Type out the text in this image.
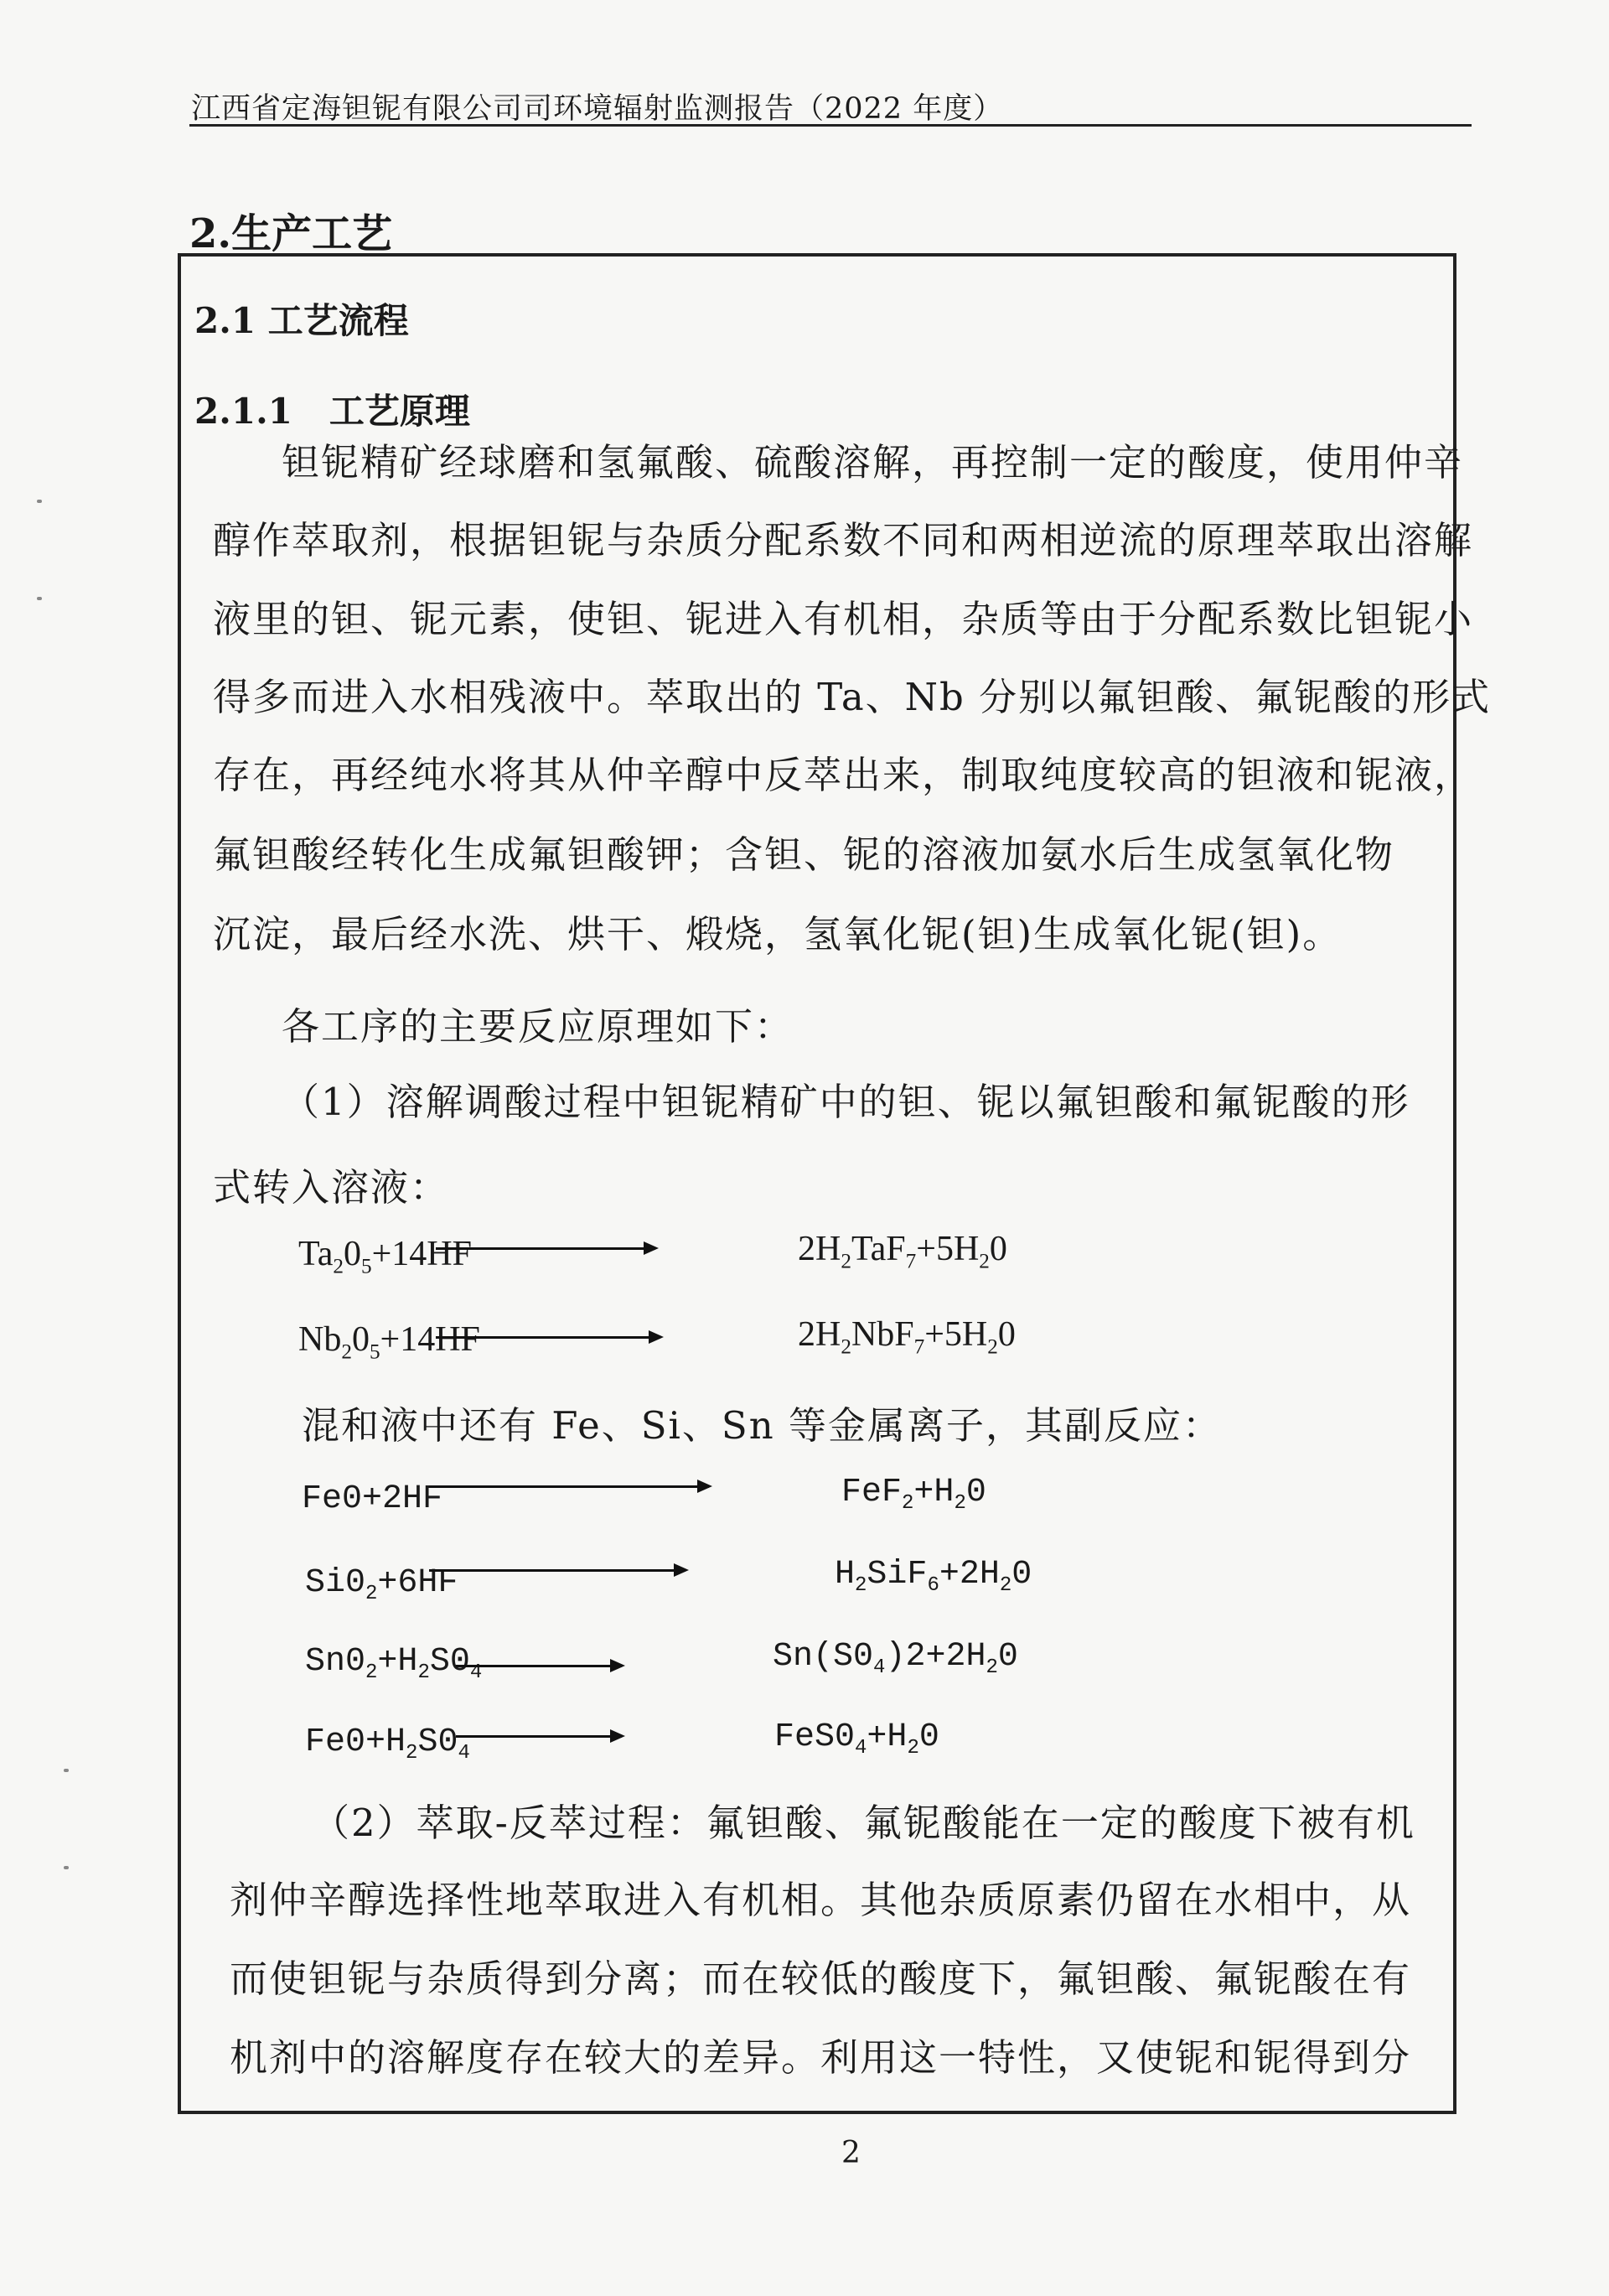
江西省定海钽铌有限公司司环境辐射监测报告（2022 年度）
2.生产工艺
2.1 工艺流程
2.1.1 工艺原理
钽铌精矿经球磨和氢氟酸、硫酸溶解，再控制一定的酸度，使用仲辛
醇作萃取剂，根据钽铌与杂质分配系数不同和两相逆流的原理萃取出溶解
液里的钽、铌元素，使钽、铌进入有机相，杂质等由于分配系数比钽铌小
得多而进入水相残液中。萃取出的 Ta、Nb 分别以氟钽酸、氟铌酸的形式
存在，再经纯水将其从仲辛醇中反萃出来，制取纯度较高的钽液和铌液，
氟钽酸经转化生成氟钽酸钾；含钽、铌的溶液加氨水后生成氢氧化物
沉淀，最后经水洗、烘干、煅烧，氢氧化铌(钽)生成氧化铌(钽)。
各工序的主要反应原理如下：
（1）溶解调酸过程中钽铌精矿中的钽、铌以氟钽酸和氟铌酸的形
式转入溶液：
$Ta_20_5+14HF$	$2H_2TaF_7+5H_20$
$Nb_20_5+14HF$	$2H_2NbF_7+5H_20$
混和液中还有 Fe、Si、Sn 等金属离子，其副反应：
Fe0+2HF	$FeF_2+H_20$
$Si0_2+6HF$	$H_2SiF_6+2H_20$
$Sn0_2+H_2S0_4$	$Sn(S0_4)2+2H_20$
$Fe0+H_2S0_4$	$FeS0_4+H_20$
（2）萃取-反萃过程：氟钽酸、氟铌酸能在一定的酸度下被有机
剂仲辛醇选择性地萃取进入有机相。其他杂质原素仍留在水相中，从
而使钽铌与杂质得到分离；而在较低的酸度下，氟钽酸、氟铌酸在有
机剂中的溶解度存在较大的差异。利用这一特性，又使铌和铌得到分
2
